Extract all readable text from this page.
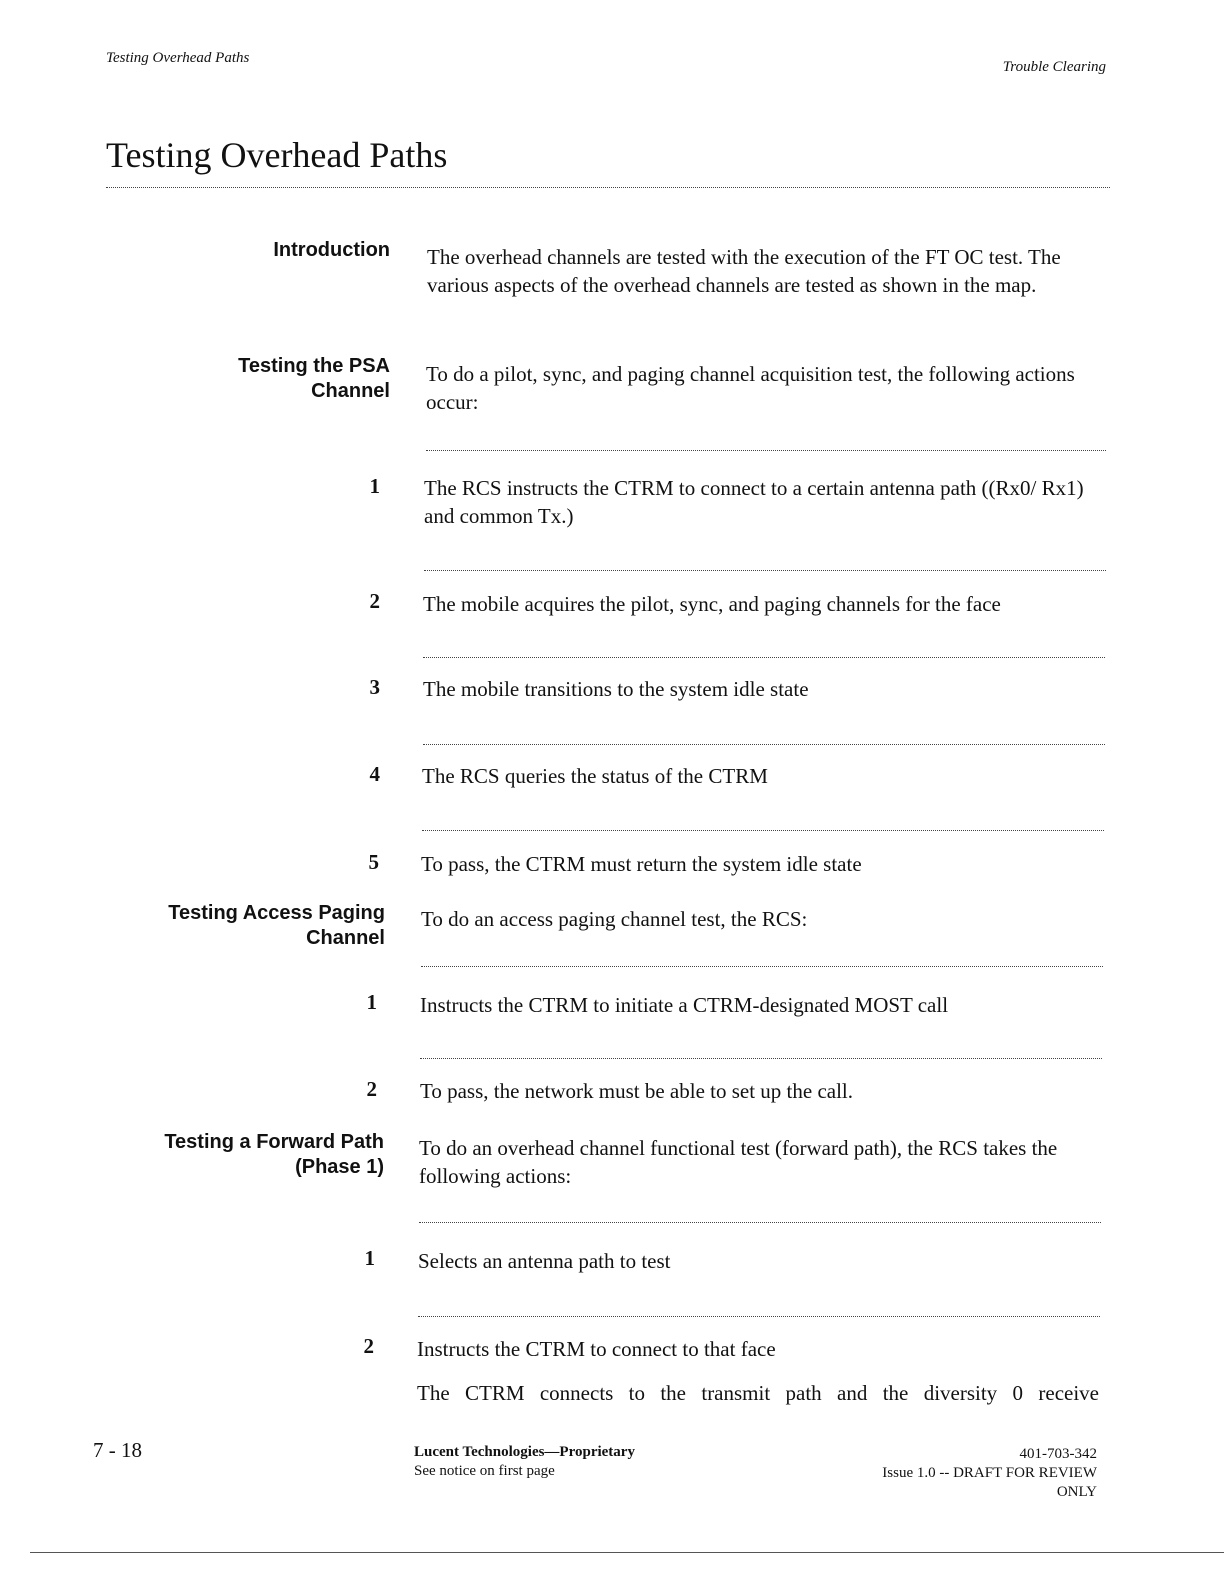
Testing Overhead Paths
Trouble Clearing
Testing Overhead Paths
Introduction The overhead channels are tested with the execution of the FT OC test. The various aspects of the overhead channels are tested as shown in the map.
Testing the PSA
Channel
To do a pilot, sync, and paging channel acquisition test, the following actions occur:
1 The RCS instructs the CTRM to connect to a certain antenna path ((Rx0/ Rx1) and common Tx.)
2 The mobile acquires the pilot, sync, and paging channels for the face
3 The mobile transitions to the system idle state
4 The RCS queries the status of the CTRM
5 To pass, the CTRM must return the system idle state
Testing Access Paging
Channel
To do an access paging channel test, the RCS:
1 Instructs the CTRM to initiate a CTRM-designated MOST call
2 To pass, the network must be able to set up the call.
Testing a Forward Path
(Phase 1)
To do an overhead channel functional test (forward path), the RCS takes the following actions:
1 Selects an antenna path to test
2 Instructs the CTRM to connect to that face
The CTRM connects to the transmit path and the diversity 0 receive
7 - 18	Lucent Technologies—Proprietary
See notice on first page
401-703-342
Issue 1.0 -- DRAFT FOR REVIEW
ONLY
